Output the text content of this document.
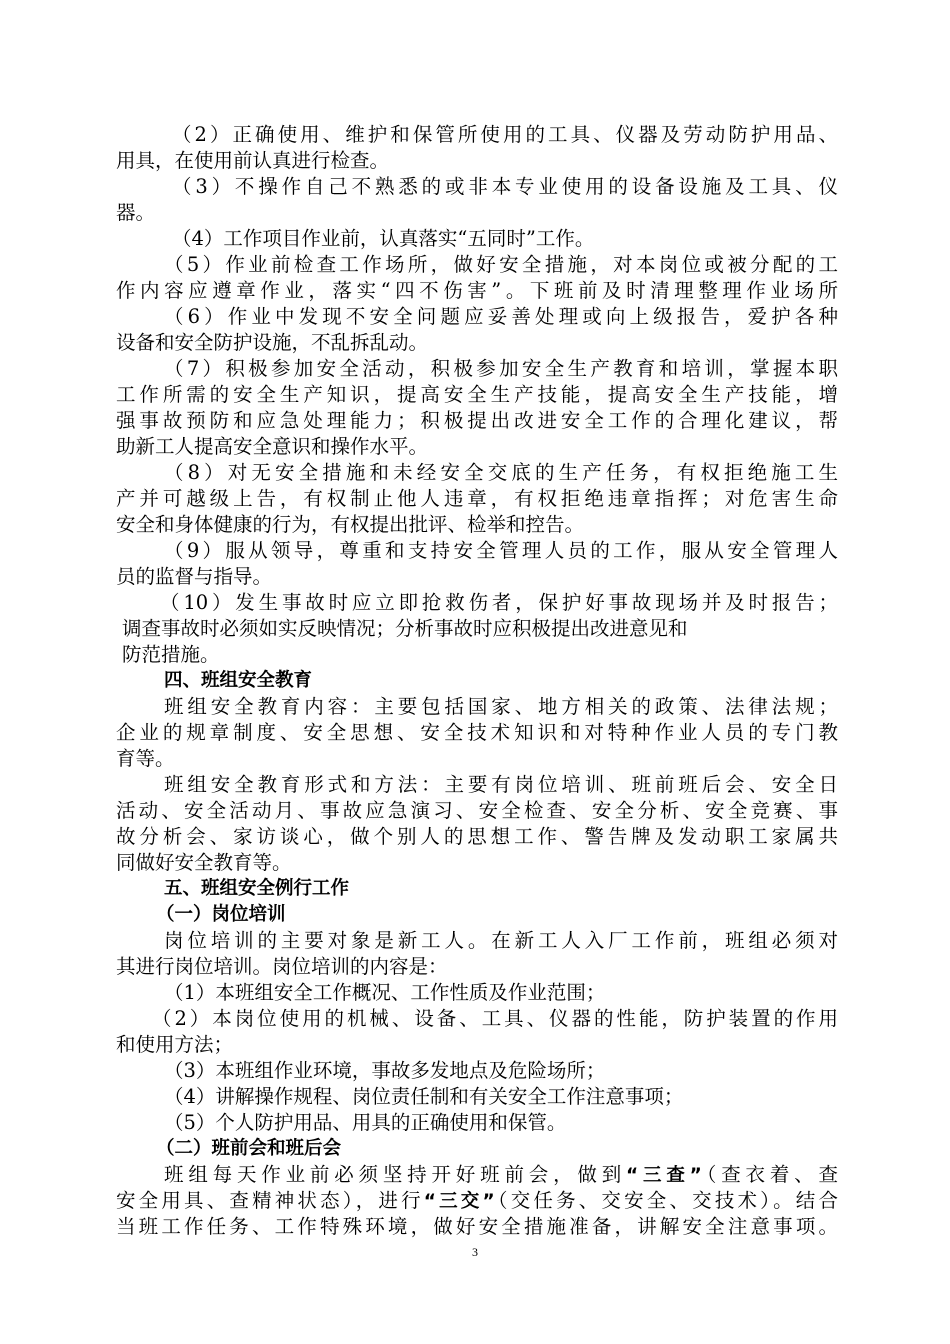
（2）正确使用、维护和保管所使用的工具、仪器及劳动防护用品、
用具，在使用前认真进行检查。
（3）不操作自己不熟悉的或非本专业使用的设备设施及工具、仪
器。
（4）工作项目作业前，认真落实“五同时”工作。
（5）作业前检查工作场所，做好安全措施，对本岗位或被分配的工
作内容应遵章作业，落实“四不伤害”。下班前及时清理整理作业场所
（6）作业中发现不安全问题应妥善处理或向上级报告，爱护各种
设备和安全防护设施，不乱拆乱动。
（7）积极参加安全活动，积极参加安全生产教育和培训，掌握本职
工作所需的安全生产知识，提高安全生产技能，提高安全生产技能，增
强事故预防和应急处理能力；积极提出改进安全工作的合理化建议，帮
助新工人提高安全意识和操作水平。
（8）对无安全措施和未经安全交底的生产任务，有权拒绝施工生
产并可越级上告，有权制止他人违章，有权拒绝违章指挥；对危害生命
安全和身体健康的行为，有权提出批评、检举和控告。
（9）服从领导，尊重和支持安全管理人员的工作，服从安全管理人
员的监督与指导。
（10）发生事故时应立即抢救伤者，保护好事故现场并及时报告；
调查事故时必须如实反映情况；分析事故时应积极提出改进意见和
防范措施。
四、班组安全教育
班组安全教育内容：主要包括国家、地方相关的政策、法律法规；
企业的规章制度、安全思想、安全技术知识和对特种作业人员的专门教
育等。
班组安全教育形式和方法：主要有岗位培训、班前班后会、安全日
活动、安全活动月、事故应急演习、安全检查、安全分析、安全竞赛、事
故分析会、家访谈心，做个别人的思想工作、警告牌及发动职工家属共
同做好安全教育等。
五、班组安全例行工作
（一）岗位培训
岗位培训的主要对象是新工人。在新工人入厂工作前，班组必须对
其进行岗位培训。岗位培训的内容是：
（1）本班组安全工作概况、工作性质及作业范围；
（2）本岗位使用的机械、设备、工具、仪器的性能，防护装置的作用
和使用方法；
（3）本班组作业环境，事故多发地点及危险场所；
（4）讲解操作规程、岗位责任制和有关安全工作注意事项；
（5）个人防护用品、用具的正确使用和保管。
（二）班前会和班后会
班组每天作业前必须坚持开好班前会，做到“三查”（查衣着、查
安全用具、查精神状态），进行“三交”（交任务、交安全、交技术）。结合
当班工作任务、工作特殊环境，做好安全措施准备，讲解安全注意事项。
3
